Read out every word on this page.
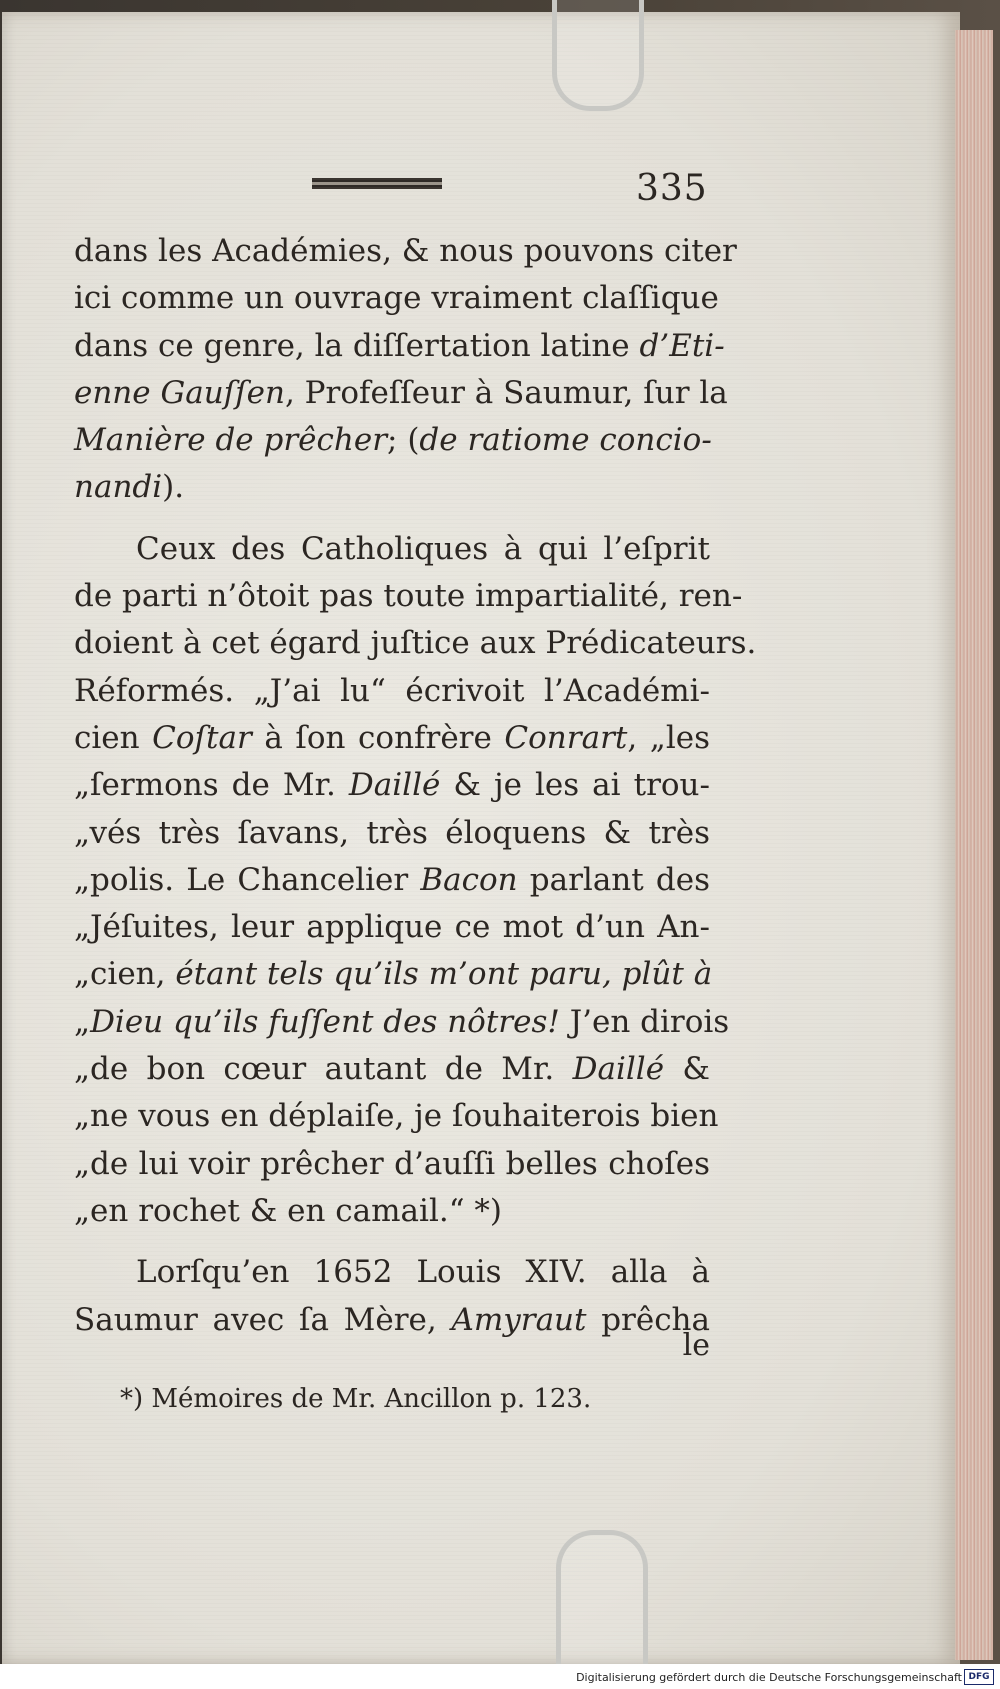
335
dans les Académies, & nous pouvons citer
ici comme un ouvrage vraiment claſſique
dans ce genre, la diſſertation latine d’Eti-
enne Gauſſen, Profeſſeur à Saumur, ſur la
Manière de prêcher; (de ratiome concio-
nandi).
Ceux des Catholiques à qui l’eſprit
de parti n’ôtoit pas toute impartialité, ren-
doient à cet égard juſtice aux Prédicateurs.
Réformés. „J’ai lu“ écrivoit l’Académi-
cien Coſtar à ſon confrère Conrart, „les
„ſermons de Mr. Daillé & je les ai trou-
„vés très ſavans, très éloquens & très
„polis. Le Chancelier Bacon parlant des
„Jéſuites, leur applique ce mot d’un An-
„cien, étant tels qu’ils m’ont paru, plût à
„Dieu qu’ils fuſſent des nôtres! J’en dirois
„de bon cœur autant de Mr. Daillé &
„ne vous en déplaiſe, je ſouhaiterois bien
„de lui voir prêcher d’auſſi belles choſes
„en rochet & en camail.“ *)
Lorſqu’en 1652 Louis XIV. alla à
Saumur avec ſa Mère, Amyraut prêcha
le
*) Mémoires de Mr. Ancillon p. 123.
Digitalisierung gefördert durch die Deutsche Forschungsgemeinschaft DFG
